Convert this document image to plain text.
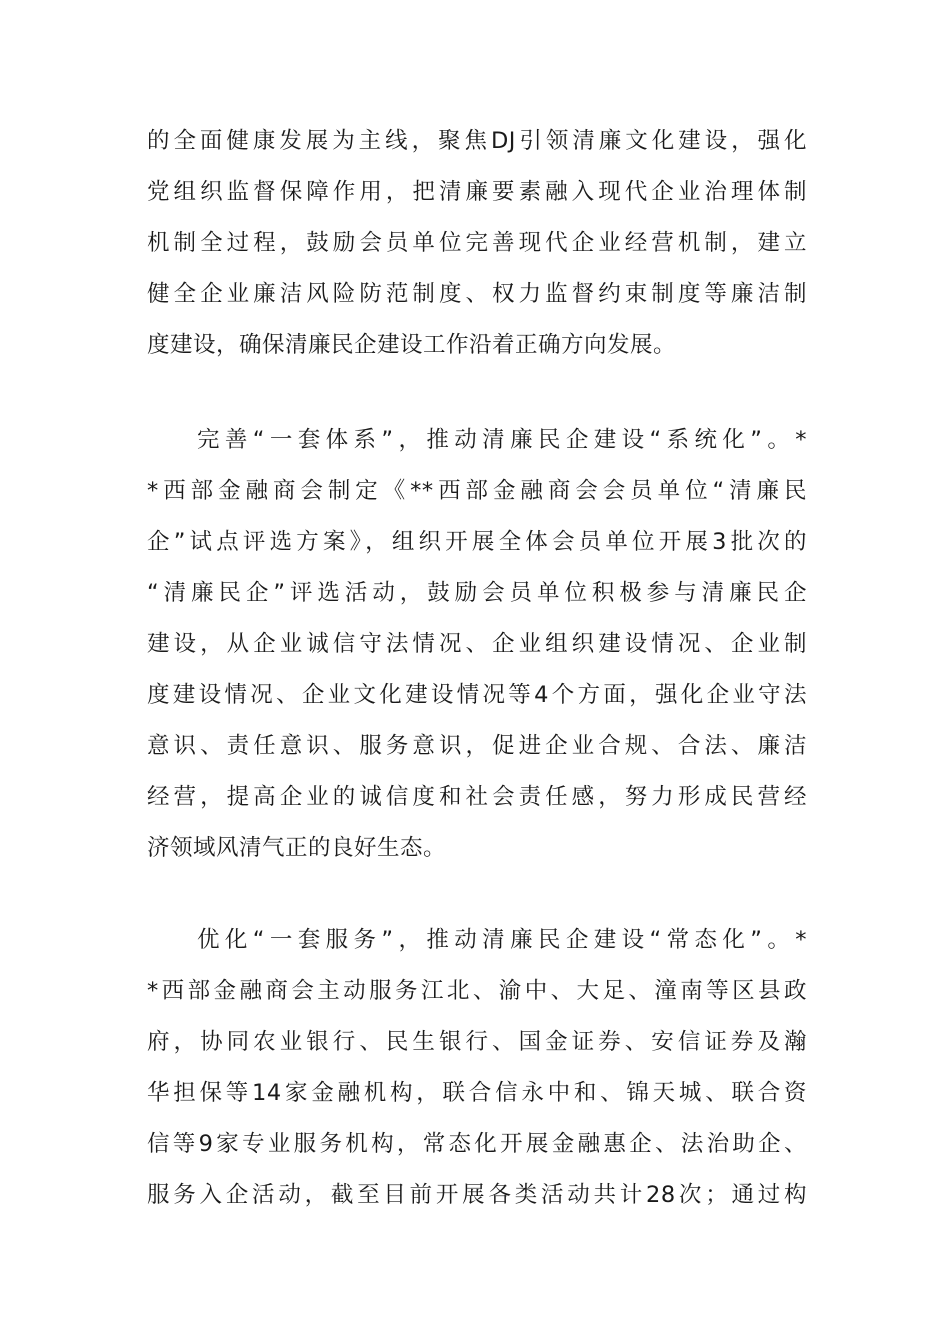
的全面健康发展为主线，聚焦DJ引领清廉文化建设，强化
党组织监督保障作用，把清廉要素融入现代企业治理体制
机制全过程，鼓励会员单位完善现代企业经营机制，建立
健全企业廉洁风险防范制度、权力监督约束制度等廉洁制
度建设，确保清廉民企建设工作沿着正确方向发展。
完善“一套体系”，推动清廉民企建设“系统化”。*
*西部金融商会制定《**西部金融商会会员单位“清廉民
企”试点评选方案》，组织开展全体会员单位开展3批次的
“清廉民企”评选活动，鼓励会员单位积极参与清廉民企
建设，从企业诚信守法情况、企业组织建设情况、企业制
度建设情况、企业文化建设情况等4个方面，强化企业守法
意识、责任意识、服务意识，促进企业合规、合法、廉洁
经营，提高企业的诚信度和社会责任感，努力形成民营经
济领域风清气正的良好生态。
优化“一套服务”，推动清廉民企建设“常态化”。*
*西部金融商会主动服务江北、渝中、大足、潼南等区县政
府，协同农业银行、民生银行、国金证券、安信证券及瀚
华担保等14家金融机构，联合信永中和、锦天城、联合资
信等9家专业服务机构，常态化开展金融惠企、法治助企、
服务入企活动，截至目前开展各类活动共计28次；通过构
